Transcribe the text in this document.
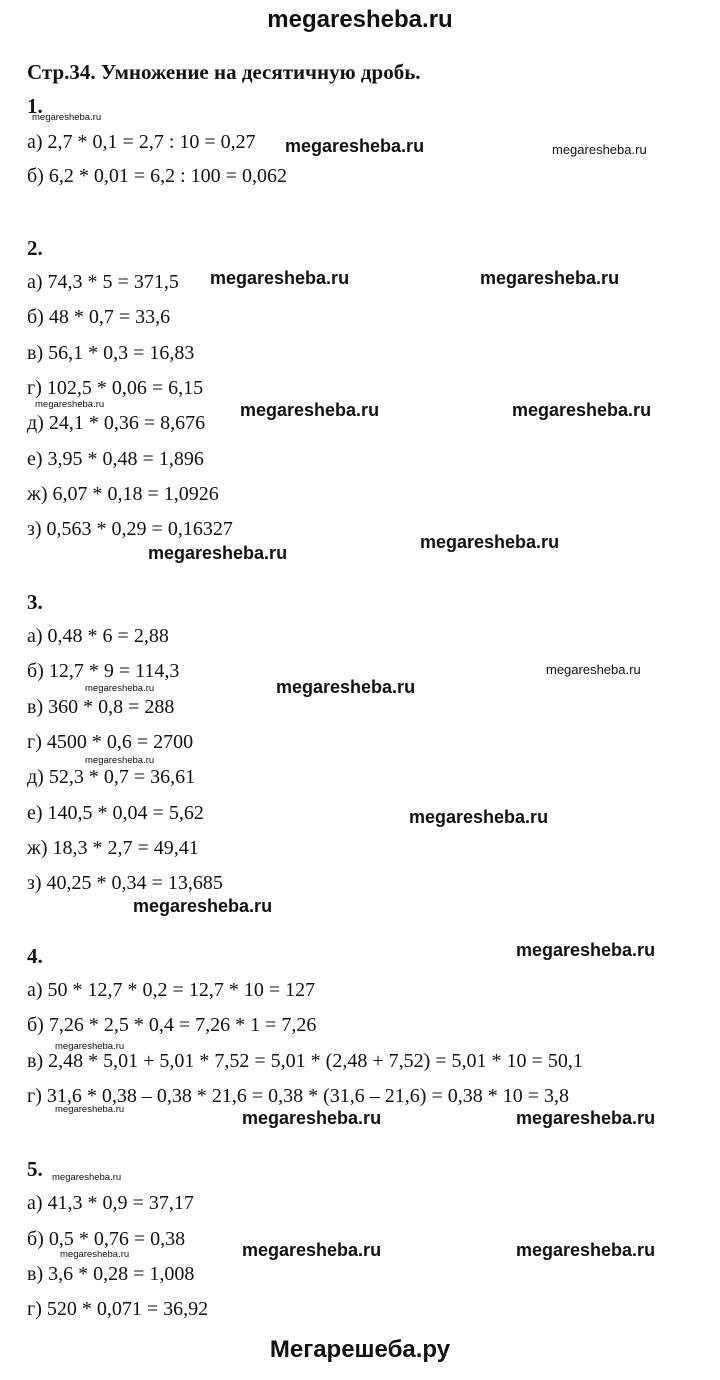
megaresheba.ru
Стр.34. Умножение на десятичную дробь.
1.
а) 2,7 * 0,1 = 2,7 : 10 = 0,27
б) 6,2 * 0,01 = 6,2 : 100 = 0,062
2.
а) 74,3 * 5 = 371,5
б) 48 * 0,7 = 33,6
в) 56,1 * 0,3 = 16,83
г) 102,5 * 0,06 = 6,15
д) 24,1 * 0,36 = 8,676
е) 3,95 * 0,48 = 1,896
ж) 6,07 * 0,18 = 1,0926
з) 0,563 * 0,29 = 0,16327
3.
а) 0,48 * 6 = 2,88
б) 12,7 * 9 = 114,3
в) 360 * 0,8 = 288
г) 4500 * 0,6 = 2700
д) 52,3 * 0,7 = 36,61
е) 140,5 * 0,04 = 5,62
ж) 18,3 * 2,7 = 49,41
з) 40,25 * 0,34 = 13,685
4.
а) 50 * 12,7 * 0,2 = 12,7 * 10 = 127
б) 7,26 * 2,5 * 0,4 = 7,26 * 1 = 7,26
в) 2,48 * 5,01 + 5,01 * 7,52 = 5,01 * (2,48 + 7,52) = 5,01 * 10 = 50,1
г) 31,6 * 0,38 – 0,38 * 21,6 = 0,38 * (31,6 – 21,6) = 0,38 * 10 = 3,8
5.
а) 41,3 * 0,9 = 37,17
б) 0,5 * 0,76 = 0,38
в) 3,6 * 0,28 = 1,008
г) 520 * 0,071 = 36,92
megaresheba.ru
megaresheba.ru	megaresheba.ru
megaresheba.ru	megaresheba.ru
megaresheba.ru	megaresheba.ru	megaresheba.ru
megaresheba.ru
megaresheba.ru
megaresheba.ru
megaresheba.ru	megaresheba.ru
megaresheba.ru
megaresheba.ru
megaresheba.ru
megaresheba.ru
megaresheba.ru
megaresheba.ru	megaresheba.ru	megaresheba.ru
megaresheba.ru
megaresheba.ru	megaresheba.ru	megaresheba.ru
Мегарешеба.ру
